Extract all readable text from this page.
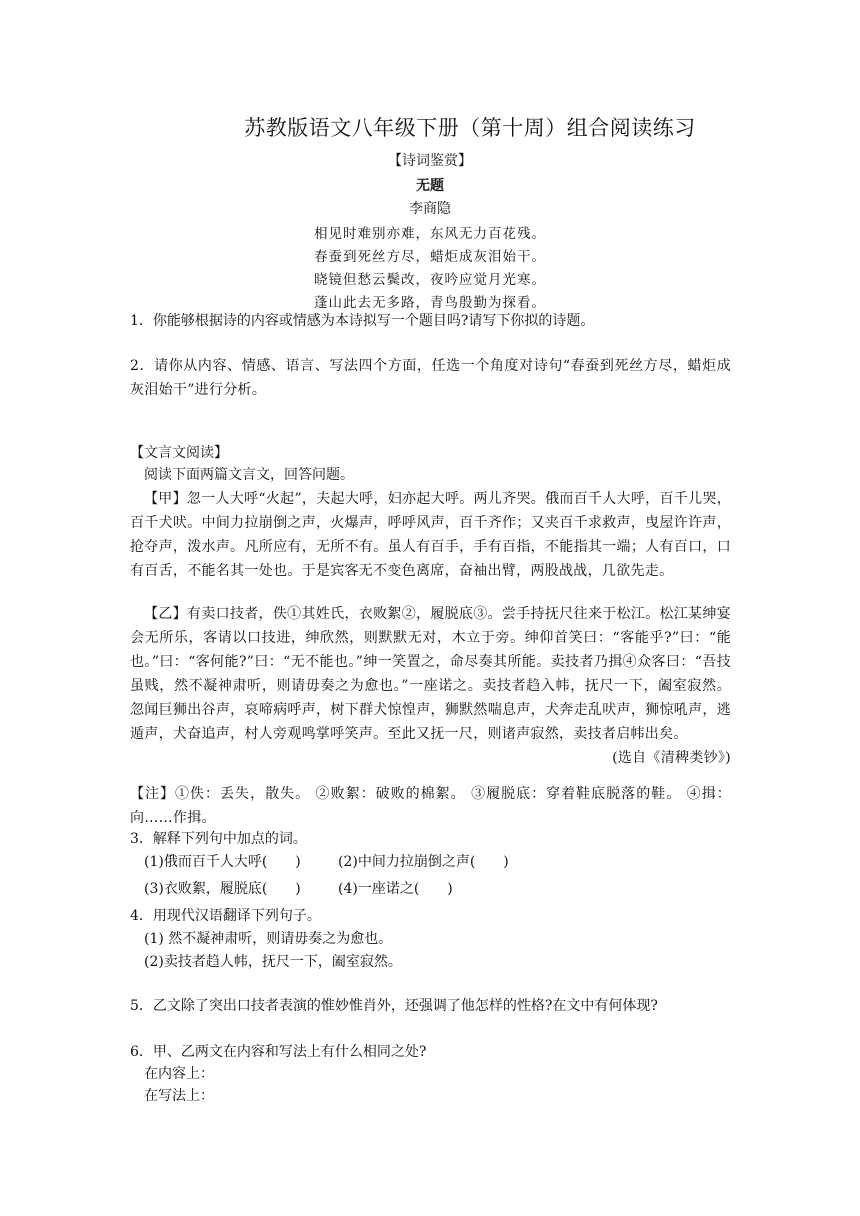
苏教版语文八年级下册（第十周）组合阅读练习
【诗词鉴赏】
无题
李商隐
相见时难别亦难，东风无力百花残。
春蚕到死丝方尽，蜡炬成灰泪始干。
晓镜但愁云鬓改，夜吟应觉月光寒。
蓬山此去无多路，青鸟殷勤为探看。
1．你能够根据诗的内容或情感为本诗拟写一个题目吗?请写下你拟的诗题。
2．请你从内容、情感、语言、写法四个方面，任选一个角度对诗句“春蚕到死丝方尽，蜡炬成灰泪始干”进行分析。
【文言文阅读】
阅读下面两篇文言文，回答问题。
【甲】忽一人大呼“火起”，夫起大呼，妇亦起大呼。两儿齐哭。俄而百千人大呼，百千儿哭，百千犬吠。中间力拉崩倒之声，火爆声，呼呼风声，百千齐作；又夹百千求救声，曳屋许许声，抢夺声，泼水声。凡所应有，无所不有。虽人有百手，手有百指，不能指其一端；人有百口，口有百舌，不能名其一处也。于是宾客无不变色离席，奋袖出臂，两股战战，几欲先走。
【乙】有卖口技者，佚①其姓氏，衣败絮②，履脱底③。尝手持抚尺往来于松江。松江某绅宴会无所乐，客请以口技进，绅欣然，则默默无对，木立于旁。绅仰首笑曰：“客能乎?”曰：“能也。”曰：“客何能?”曰：“无不能也。”绅一笑置之，命尽奏其所能。卖技者乃揖④众客曰：“吾技虽贱，然不凝神肃听，则请毋奏之为愈也。”一座诺之。卖技者趋入帏，抚尺一下，阖室寂然。忽闻巨狮出谷声，哀啼病呼声，树下群犬惊惶声，狮默然喘息声，犬奔走乱吠声，狮惊吼声，逃遁声，犬奋追声，村人旁观鸣掌呼笑声。至此又抚一尺，则诸声寂然，卖技者启帏出矣。
(选自《清稗类钞》)
【注】①佚：丢失，散失。 ②败絮：破败的棉絮。 ③履脱底：穿着鞋底脱落的鞋。 ④揖：向……作揖。
3．解释下列句中加点的词。
(1)俄而百千人大呼(　　)	(2)中间力拉崩倒之声(　　)
(3)衣败絮，履脱底(　　)	(4)一座诺之(　　)
4．用现代汉语翻译下列句子。
(1) 然不凝神肃听，则请毋奏之为愈也。
(2)卖技者趋人帏，抚尺一下，阖室寂然。
5．乙文除了突出口技者表演的惟妙惟肖外，还强调了他怎样的性格?在文中有何体现?
6．甲、乙两文在内容和写法上有什么相同之处?
在内容上：
在写法上：
